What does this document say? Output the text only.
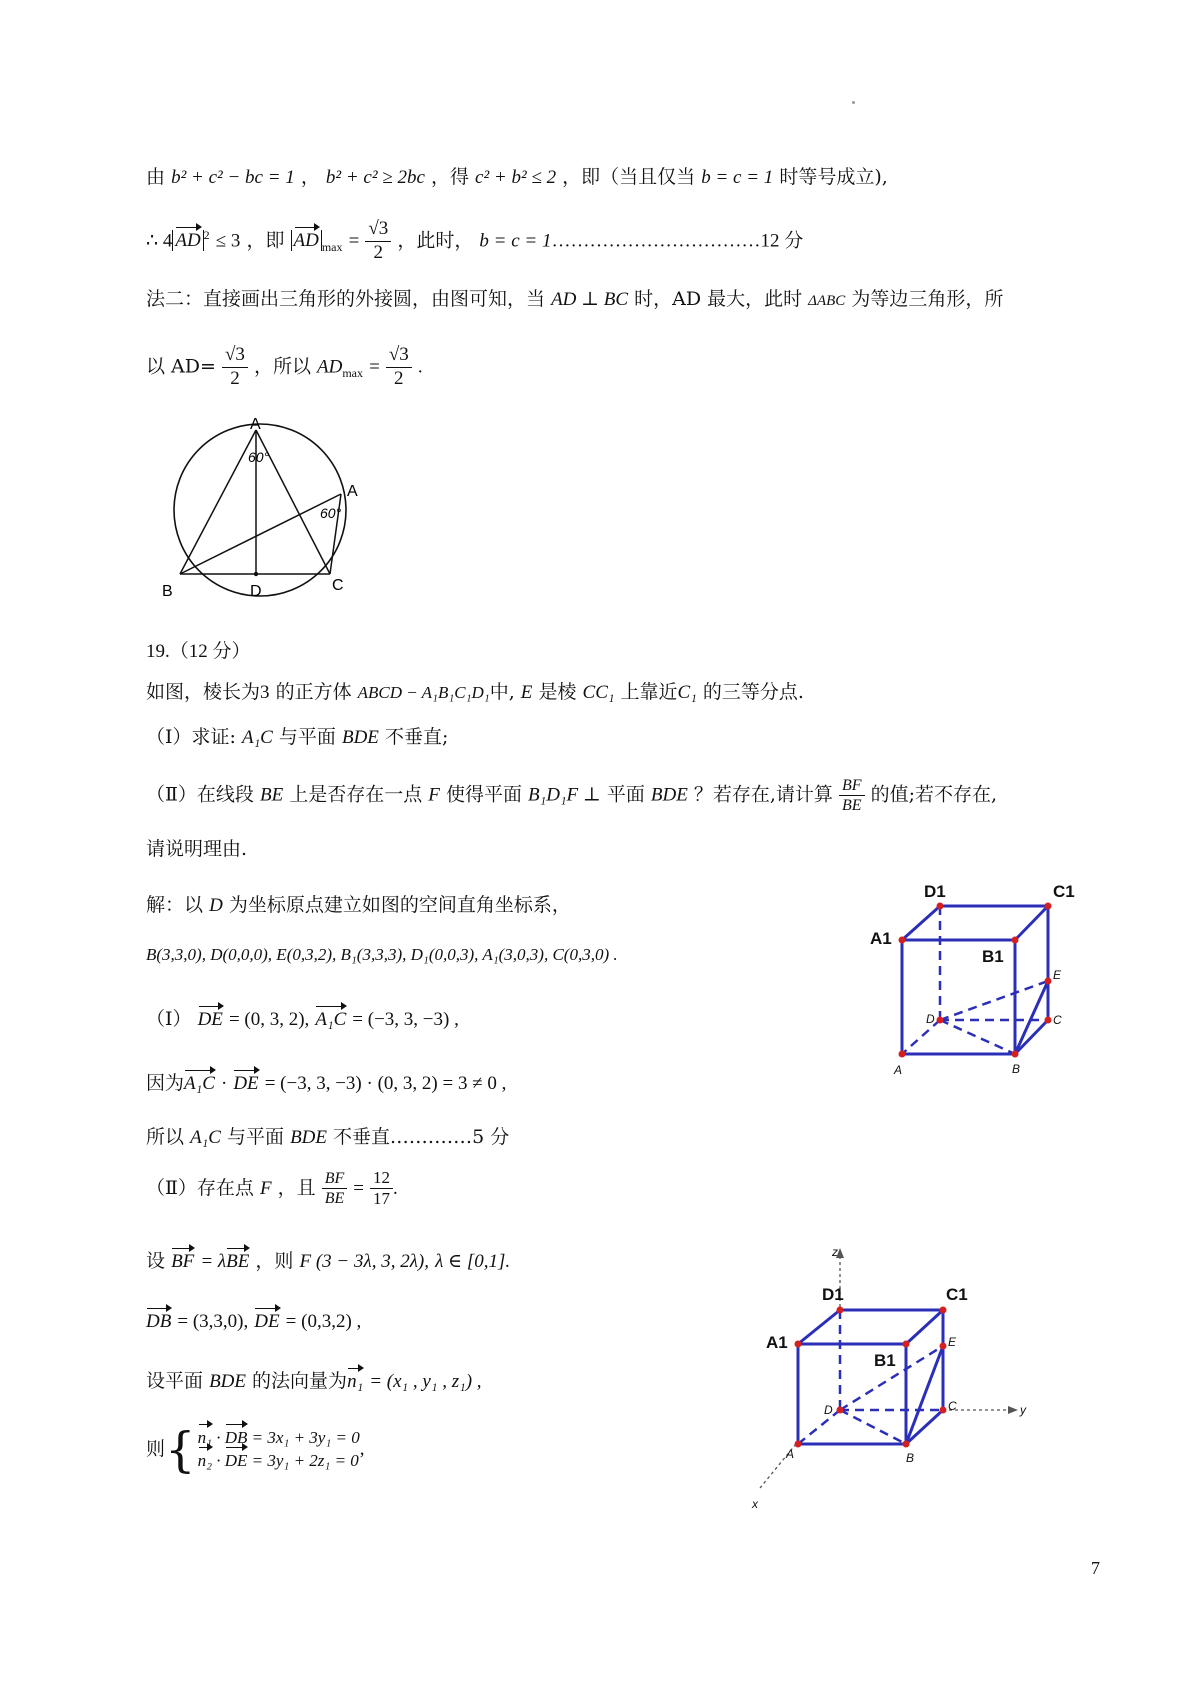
由 b² + c² − bc = 1 ， b² + c² ≥ 2bc ，得 c² + b² ≤ 2 ，即（当且仅当 b = c = 1 时等号成立),
∴ 4 AD $^2$ ≤ 3 ，即 AD $_{max} = \frac{√3}{2}$ ，此时， b = c = 1……………………………12 分
法二：直接画出三角形的外接圆，由图可知，当 AD ⊥ BC 时，AD 最大，此时 ΔABC 为等边三角形，所
以 $AD= \frac{√3}{2}$ ，所以 $AD_{max} = \frac{√3}{2}$ .
A
A
B	D	C
60°
60°
19.（12 分）
如图，棱长为3 的正方体 ABCD − A₁B₁C₁D₁中, E 是棱 CC₁ 上靠近C₁ 的三等分点.
（Ⅰ）求证: A₁C 与平面 BDE 不垂直;
（Ⅱ）在线段 BE 上是否存在一点 F 使得平面 B₁D₁F ⊥ 平面 BDE ？若存在,请计算 $\frac{BF}{BE}$ 的值;若不存在,
请说明理由.
解：以 D 为坐标原点建立如图的空间直角坐标系，
B(3,3,0), D(0,0,0), E(0,3,2), B₁(3,3,3), D₁(0,0,3), A₁(3,0,3), C(0,3,0) .
（Ⅰ） DE = (0, 3, 2), A₁C = (−3, 3, −3) ,
因为A₁C · DE = (−3, 3, −3) · (0, 3, 2) = 3 ≠ 0 ,
所以 A₁C 与平面 BDE 不垂直.…………5 分
（Ⅱ）存在点 F ，且 $\frac{BF}{BE} = \frac{12}{17}$ .
设 BF = λBE ，则 F (3 − 3λ, 3, 2λ), λ ∈ [0,1].
DB = (3,3,0), DE = (0,3,2) ,
设平面 BDE 的法向量为n₁ = (x₁ , y₁ , z₁) ,
则{ n₁ · DB = 3x₁ + 3y₁ = 0
n₂ · DE = 3y₁ + 2z₁ = 0
,
D1	C1
A1
B1
E
D	C
A	B
D1	C1
A1
B1
z
E
D	C	y
A	B
x
7
